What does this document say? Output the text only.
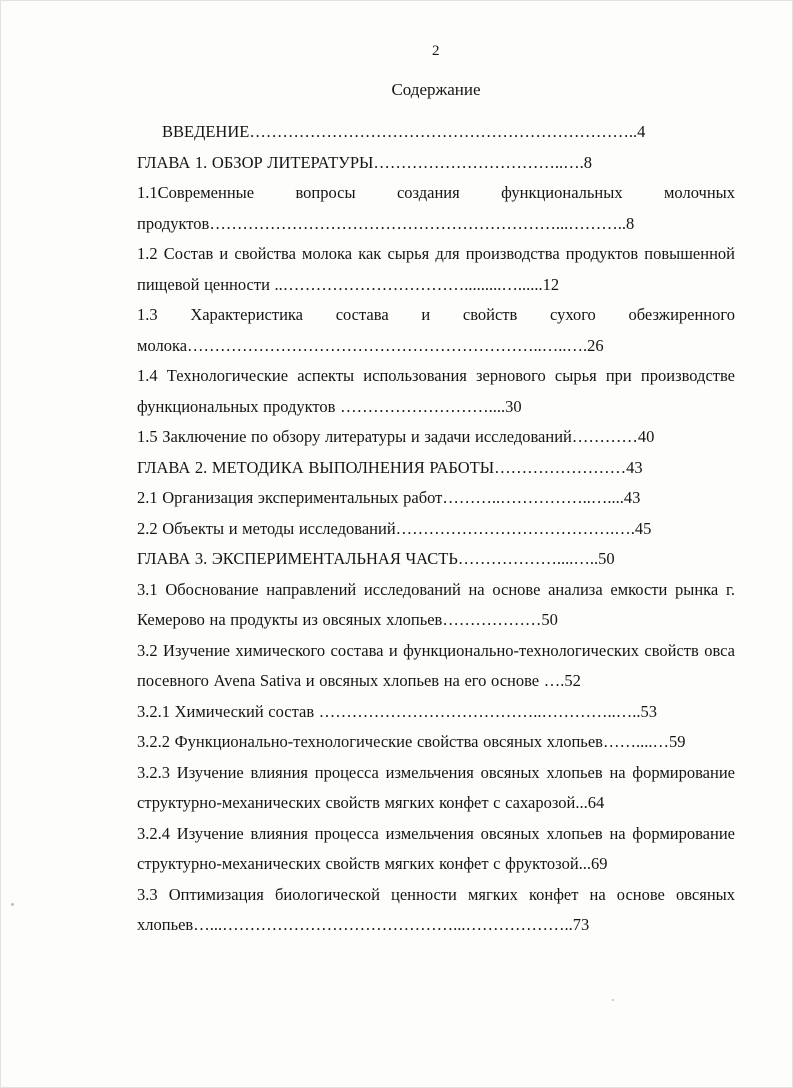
2
Содержание

ВВЕДЕНИЕ……………………………………………………………..4

ГЛАВА 1. ОБЗОР ЛИТЕРАТУРЫ……………………………..….8

1.1Современные вопросы создания функциональных молочных продуктов………………………………………………………...………..8

1.2 Состав и свойства молока как сырья для производства продуктов повышенной пищевой ценности ..…………………………….........…......12

1.3 Характеристика состава и свойств сухого обезжиренного молока………………………………………………………..…..….26

1.4 Технологические аспекты использования зернового сырья при производстве функциональных продуктов ………………………....30

1.5 Заключение по обзору литературы и задачи исследований…………40

ГЛАВА 2. МЕТОДИКА ВЫПОЛНЕНИЯ РАБОТЫ……………………43

2.1 Организация экспериментальных работ………..……………..…....43

2.2 Объекты и методы исследований………………………………….….45

ГЛАВА 3. ЭКСПЕРИМЕНТАЛЬНАЯ ЧАСТЬ………………....…..50

3.1 Обоснование направлений исследований на основе анализа емкости рынка г. Кемерово на продукты из овсяных хлопьев………………50

3.2 Изучение химического состава и функционально-технологических свойств овса посевного Avena Sativa и овсяных хлопьев на его основе ….52

3.2.1 Химический состав …………………………………..…………..…..53

3.2.2 Функционально-технологические свойства овсяных хлопьев……....…59

3.2.3 Изучение влияния процесса измельчения овсяных хлопьев на формирование структурно-механических свойств мягких конфет с сахарозой...64

3.2.4 Изучение влияния процесса измельчения овсяных хлопьев на формирование структурно-механических свойств мягких конфет с фруктозой...69

3.3 Оптимизация биологической ценности мягких конфет на основе овсяных хлопьев…...……………………………………...………………..73
